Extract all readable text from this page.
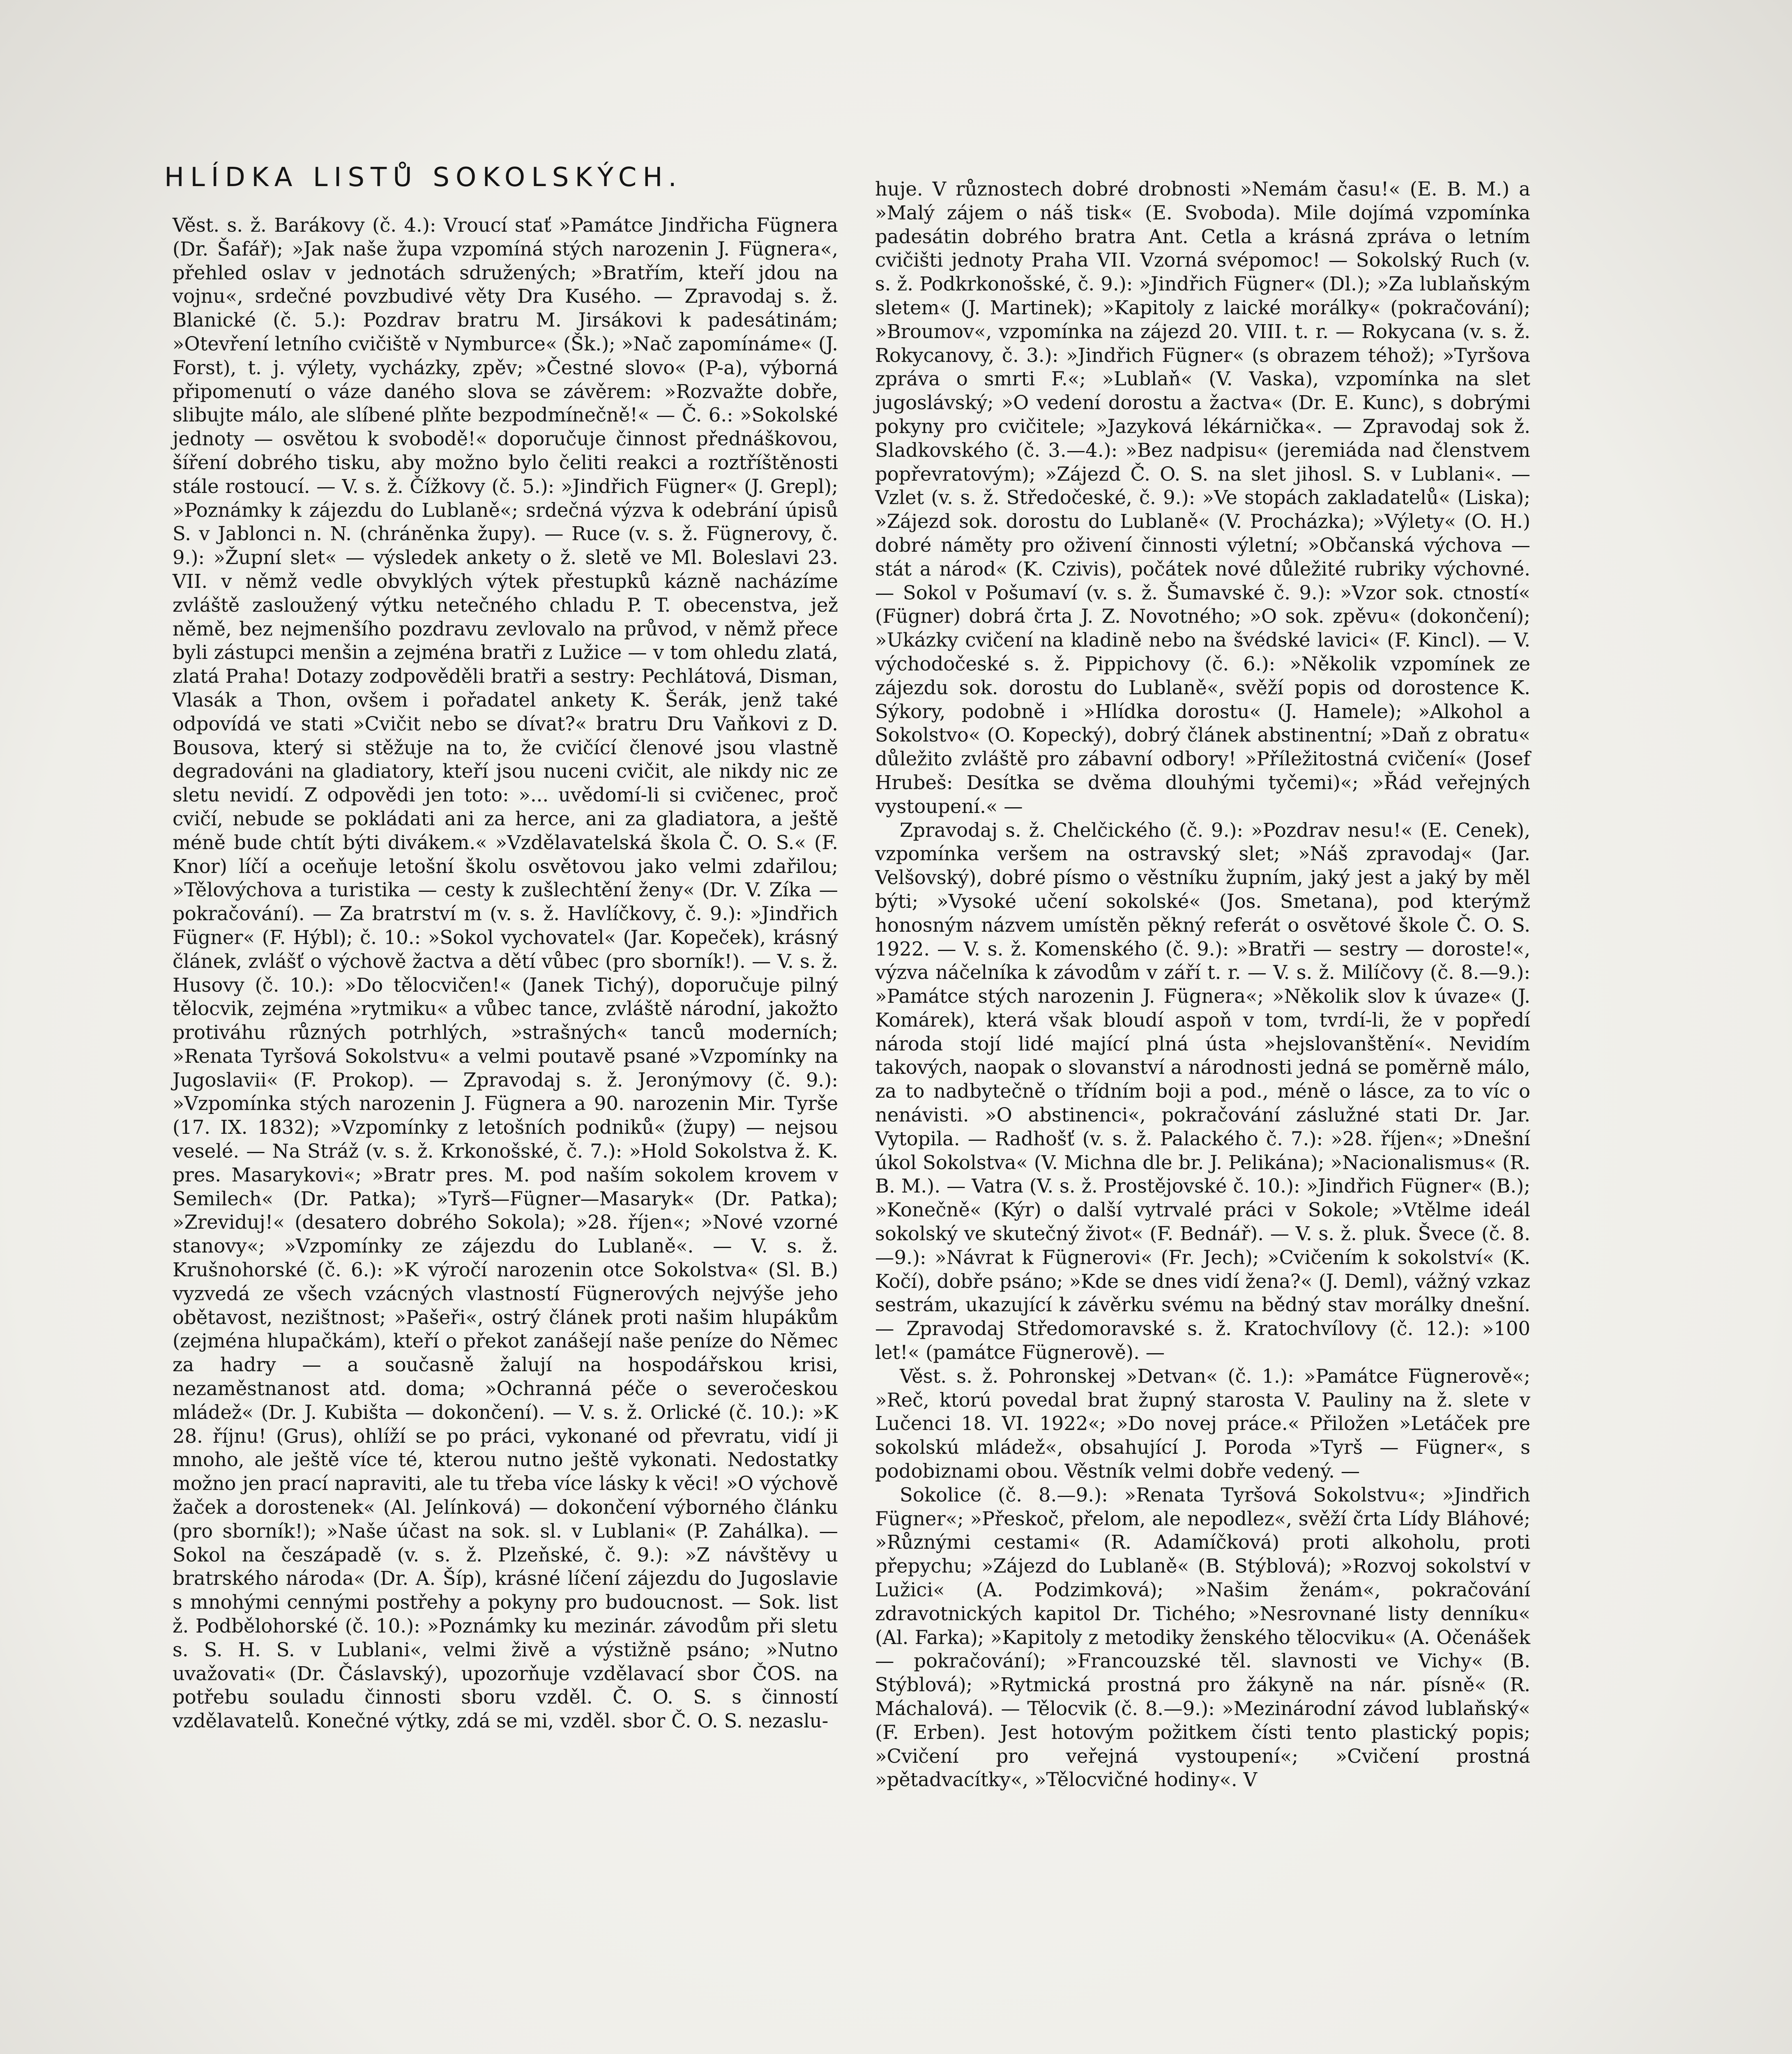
HLÍDKA LISTŮ SOKOLSKÝCH.

Věst. s. ž. Barákovy (č. 4.): Vroucí stať »Památce Jindřicha Fügnera (Dr. Šafář); »Jak naše župa vzpomíná stých narozenin J. Fügnera«, přehled oslav v jednotách sdružených; »Bratřím, kteří jdou na vojnu«, srdečné povzbudivé věty Dra Kusého. — Zpravodaj s. ž. Blanické (č. 5.): Pozdrav bratru M. Jirsákovi k padesátinám; »Otevření letního cvičiště v Nymburce« (Šk.); »Nač zapomínáme« (J. Forst), t. j. výlety, vycházky, zpěv; »Čestné slovo« (P-a), výborná připomenutí o váze daného slova se závěrem: »Rozvažte dobře, slibujte málo, ale slíbené plňte bezpodmínečně!« — Č. 6.: »Sokolské jednoty — osvětou k svobodě!« doporučuje činnost přednáškovou, šíření dobrého tisku, aby možno bylo čeliti reakci a roztříštěnosti stále rostoucí. — V. s. ž. Čížkovy (č. 5.): »Jindřich Fügner« (J. Grepl); »Poznámky k zájezdu do Lublaně«; srdečná výzva k odebrání úpisů S. v Jablonci n. N. (chráněnka župy). — Ruce (v. s. ž. Fügnerovy, č. 9.): »Župní slet« — výsledek ankety o ž. sletě ve Ml. Boleslavi 23. VII. v němž vedle obvyklých výtek přestupků kázně nacházíme zvláště zasloužený výtku netečného chladu P. T. obecenstva, jež němě, bez nejmenšího pozdravu zevlovalo na průvod, v němž přece byli zástupci menšin a zejména bratři z Lužice — v tom ohledu zlatá, zlatá Praha! Dotazy zodpověděli bratři a sestry: Pechlátová, Disman, Vlasák a Thon, ovšem i pořadatel ankety K. Šerák, jenž také odpovídá ve stati »Cvičit nebo se dívat?« bratru Dru Vaňkovi z D. Bousova, který si stěžuje na to, že cvičící členové jsou vlastně degradováni na gladiatory, kteří jsou nuceni cvičit, ale nikdy nic ze sletu nevidí. Z odpovědi jen toto: »... uvědomí-li si cvičenec, proč cvičí, nebude se pokládati ani za herce, ani za gladiatora, a ještě méně bude chtít býti divákem.« »Vzdělavatelská škola Č. O. S.« (F. Knor) líčí a oceňuje letošní školu osvětovou jako velmi zdařilou; »Tělovýchova a turistika — cesty k zušlechtění ženy« (Dr. V. Zíka — pokračování). — Za bratrství m (v. s. ž. Havlíčkovy, č. 9.): »Jindřich Fügner« (F. Hýbl); č. 10.: »Sokol vychovatel« (Jar. Kopeček), krásný článek, zvlášť o výchově žactva a dětí vůbec (pro sborník!). — V. s. ž. Husovy (č. 10.): »Do tělocvičen!« (Janek Tichý), doporučuje pilný tělocvik, zejména »rytmiku« a vůbec tance, zvláště národní, jakožto protiváhu různých potrhlých, »strašných« tanců moderních; »Renata Tyršová Sokolstvu« a velmi poutavě psané »Vzpomínky na Jugoslavii« (F. Prokop). — Zpravodaj s. ž. Jeronýmovy (č. 9.): »Vzpomínka stých narozenin J. Fügnera a 90. narozenin Mir. Tyrše (17. IX. 1832); »Vzpomínky z letošních podniků« (župy) — nejsou veselé. — Na Stráž (v. s. ž. Krkonošské, č. 7.): »Hold Sokolstva ž. K. pres. Masarykovi«; »Bratr pres. M. pod naším sokolem krovem v Semilech« (Dr. Patka); »Tyrš—Fügner—Masaryk« (Dr. Patka); »Zreviduj!« (desatero dobrého Sokola); »28. říjen«; »Nové vzorné stanovy«; »Vzpomínky ze zájezdu do Lublaně«. — V. s. ž. Krušnohorské (č. 6.): »K výročí narozenin otce Sokolstva« (Sl. B.) vyzvedá ze všech vzácných vlastností Fügnerových nejvýše jeho obětavost, nezištnost; »Pašeři«, ostrý článek proti našim hlupákům (zejména hlupačkám), kteří o překot zanášejí naše peníze do Němec za hadry — a současně žalují na hospodářskou krisi, nezaměstnanost atd. doma; »Ochranná péče o severočeskou mládež« (Dr. J. Kubišta — dokončení). — V. s. ž. Orlické (č. 10.): »K 28. říjnu! (Grus), ohlíží se po práci, vykonané od převratu, vidí ji mnoho, ale ještě více té, kterou nutno ještě vykonati. Nedostatky možno jen prací napraviti, ale tu třeba více lásky k věci! »O výchově žaček a dorostenek« (Al. Jelínková) — dokončení výborného článku (pro sborník!); »Naše účast na sok. sl. v Lublani« (P. Zahálka). — Sokol na česzápadě (v. s. ž. Plzeňské, č. 9.): »Z návštěvy u bratrského národa« (Dr. A. Šíp), krásné líčení zájezdu do Jugoslavie s mnohými cennými postřehy a pokyny pro budoucnost. — Sok. list ž. Podbělohorské (č. 10.): »Poznámky ku mezinár. závodům při sletu s. S. H. S. v Lublani«, velmi živě a výstižně psáno; »Nutno uvažovati« (Dr. Čáslavský), upozorňuje vzdělavací sbor ČOS. na potřebu souladu činnosti sboru vzděl. Č. O. S. s činností vzdělavatelů. Konečné výtky, zdá se mi, vzděl. sbor Č. O. S. nezaslu-

huje. V různostech dobré drobnosti »Nemám času!« (E. B. M.) a »Malý zájem o náš tisk« (E. Svoboda). Mile dojímá vzpomínka padesátin dobrého bratra Ant. Cetla a krásná zpráva o letním cvičišti jednoty Praha VII. Vzorná svépomoc! — Sokolský Ruch (v. s. ž. Podkrkonošské, č. 9.): »Jindřich Fügner« (Dl.); »Za lublaňským sletem« (J. Martinek); »Kapitoly z laické morálky« (pokračování); »Broumov«, vzpomínka na zájezd 20. VIII. t. r. — Rokycana (v. s. ž. Rokycanovy, č. 3.): »Jindřich Fügner« (s obrazem téhož); »Tyršova zpráva o smrti F.«; »Lublaň« (V. Vaska), vzpomínka na slet jugoslávský; »O vedení dorostu a žactva« (Dr. E. Kunc), s dobrými pokyny pro cvičitele; »Jazyková lékárnička«. — Zpravodaj sok ž. Sladkovského (č. 3.—4.): »Bez nadpisu« (jeremiáda nad členstvem popřevratovým); »Zájezd Č. O. S. na slet jihosl. S. v Lublani«. — Vzlet (v. s. ž. Středočeské, č. 9.): »Ve stopách zakladatelů« (Liska); »Zájezd sok. dorostu do Lublaně« (V. Procházka); »Výlety« (O. H.) dobré náměty pro oživení činnosti výletní; »Občanská výchova — stát a národ« (K. Czivis), počátek nové důležité rubriky výchovné. — Sokol v Pošumaví (v. s. ž. Šumavské č. 9.): »Vzor sok. ctností« (Fügner) dobrá črta J. Z. Novotného; »O sok. zpěvu« (dokončení); »Ukázky cvičení na kladině nebo na švédské lavici« (F. Kincl). — V. východočeské s. ž. Pippichovy (č. 6.): »Několik vzpomínek ze zájezdu sok. dorostu do Lublaně«, svěží popis od dorostence K. Sýkory, podobně i »Hlídka dorostu« (J. Hamele); »Alkohol a Sokolstvo« (O. Kopecký), dobrý článek abstinentní; »Daň z obratu« důležito zvláště pro zábavní odbory! »Příležitostná cvičení« (Josef Hrubeš: Desítka se dvěma dlouhými tyčemi)«; »Řád veřejných vystoupení.« —

Zpravodaj s. ž. Chelčického (č. 9.): »Pozdrav nesu!« (E. Cenek), vzpomínka veršem na ostravský slet; »Náš zpravodaj« (Jar. Velšovský), dobré písmo o věstníku župním, jaký jest a jaký by měl býti; »Vysoké učení sokolské« (Jos. Smetana), pod kterýmž honosným názvem umístěn pěkný referát o osvětové škole Č. O. S. 1922. — V. s. ž. Komenského (č. 9.): »Bratři — sestry — doroste!«, výzva náčelníka k závodům v září t. r. — V. s. ž. Milíčovy (č. 8.—9.): »Památce stých narozenin J. Fügnera«; »Několik slov k úvaze« (J. Komárek), která však bloudí aspoň v tom, tvrdí-li, že v popředí národa stojí lidé mající plná ústa »hejslovanštění«. Nevidím takových, naopak o slovanství a národnosti jedná se poměrně málo, za to nadbytečně o třídním boji a pod., méně o lásce, za to víc o nenávisti. »O abstinenci«, pokračování záslužné stati Dr. Jar. Vytopila. — Radhošť (v. s. ž. Palackého č. 7.): »28. říjen«; »Dnešní úkol Sokolstva« (V. Michna dle br. J. Pelikána); »Nacionalismus« (R. B. M.). — Vatra (V. s. ž. Prostějovské č. 10.): »Jindřich Fügner« (B.); »Konečně« (Kýr) o další vytrvalé práci v Sokole; »Vtělme ideál sokolský ve skutečný život« (F. Bednář). — V. s. ž. pluk. Švece (č. 8.—9.): »Návrat k Fügnerovi« (Fr. Jech); »Cvičením k sokolství« (K. Kočí), dobře psáno; »Kde se dnes vidí žena?« (J. Deml), vážný vzkaz sestrám, ukazující k závěrku svému na bědný stav morálky dnešní. — Zpravodaj Středomoravské s. ž. Kratochvílovy (č. 12.): »100 let!« (památce Fügnerově). —

Věst. s. ž. Pohronskej »Detvan« (č. 1.): »Památce Fügnerově«; »Reč, ktorú povedal brat župný starosta V. Pauliny na ž. slete v Lučenci 18. VI. 1922«; »Do novej práce.« Přiložen »Letáček pre sokolskú mládež«, obsahující J. Poroda »Tyrš — Fügner«, s podobiznami obou. Věstník velmi dobře vedený. —

Sokolice (č. 8.—9.): »Renata Tyršová Sokolstvu«; »Jindřich Fügner«; »Přeskoč, přelom, ale nepodlez«, svěží črta Lídy Bláhové; »Různými cestami« (R. Adamíčková) proti alkoholu, proti přepychu; »Zájezd do Lublaně« (B. Stýblová); »Rozvoj sokolství v Lužici« (A. Podzimková); »Našim ženám«, pokračování zdravotnických kapitol Dr. Tichého; »Nesrovnané listy denníku« (Al. Farka); »Kapitoly z metodiky ženského tělocviku« (A. Očenášek — pokračování); »Francouzské těl. slavnosti ve Vichy« (B. Stýblová); »Rytmická prostná pro žákyně na nár. písně« (R. Máchalová). — Tělocvik (č. 8.—9.): »Mezinárodní závod lublaňský« (F. Erben). Jest hotovým požitkem čísti tento plastický popis; »Cvičení pro veřejná vystoupení«; »Cvičení prostná »pětadvacítky«, »Tělocvičné hodiny«. V
